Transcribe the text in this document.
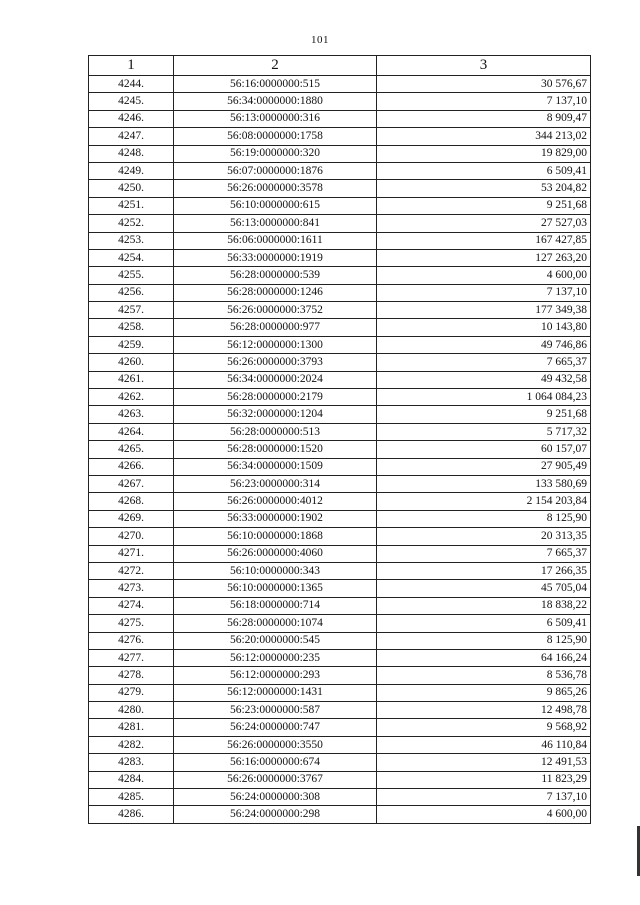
101
1	2	3
4244.	56:16:0000000:515	30 576,67
4245.	56:34:0000000:1880	7 137,10
4246.	56:13:0000000:316	8 909,47
4247.	56:08:0000000:1758	344 213,02
4248.	56:19:0000000:320	19 829,00
4249.	56:07:0000000:1876	6 509,41
4250.	56:26:0000000:3578	53 204,82
4251.	56:10:0000000:615	9 251,68
4252.	56:13:0000000:841	27 527,03
4253.	56:06:0000000:1611	167 427,85
4254.	56:33:0000000:1919	127 263,20
4255.	56:28:0000000:539	4 600,00
4256.	56:28:0000000:1246	7 137,10
4257.	56:26:0000000:3752	177 349,38
4258.	56:28:0000000:977	10 143,80
4259.	56:12:0000000:1300	49 746,86
4260.	56:26:0000000:3793	7 665,37
4261.	56:34:0000000:2024	49 432,58
4262.	56:28:0000000:2179	1 064 084,23
4263.	56:32:0000000:1204	9 251,68
4264.	56:28:0000000:513	5 717,32
4265.	56:28:0000000:1520	60 157,07
4266.	56:34:0000000:1509	27 905,49
4267.	56:23:0000000:314	133 580,69
4268.	56:26:0000000:4012	2 154 203,84
4269.	56:33:0000000:1902	8 125,90
4270.	56:10:0000000:1868	20 313,35
4271.	56:26:0000000:4060	7 665,37
4272.	56:10:0000000:343	17 266,35
4273.	56:10:0000000:1365	45 705,04
4274.	56:18:0000000:714	18 838,22
4275.	56:28:0000000:1074	6 509,41
4276.	56:20:0000000:545	8 125,90
4277.	56:12:0000000:235	64 166,24
4278.	56:12:0000000:293	8 536,78
4279.	56:12:0000000:1431	9 865,26
4280.	56:23:0000000:587	12 498,78
4281.	56:24:0000000:747	9 568,92
4282.	56:26:0000000:3550	46 110,84
4283.	56:16:0000000:674	12 491,53
4284.	56:26:0000000:3767	11 823,29
4285.	56:24:0000000:308	7 137,10
4286.	56:24:0000000:298	4 600,00
